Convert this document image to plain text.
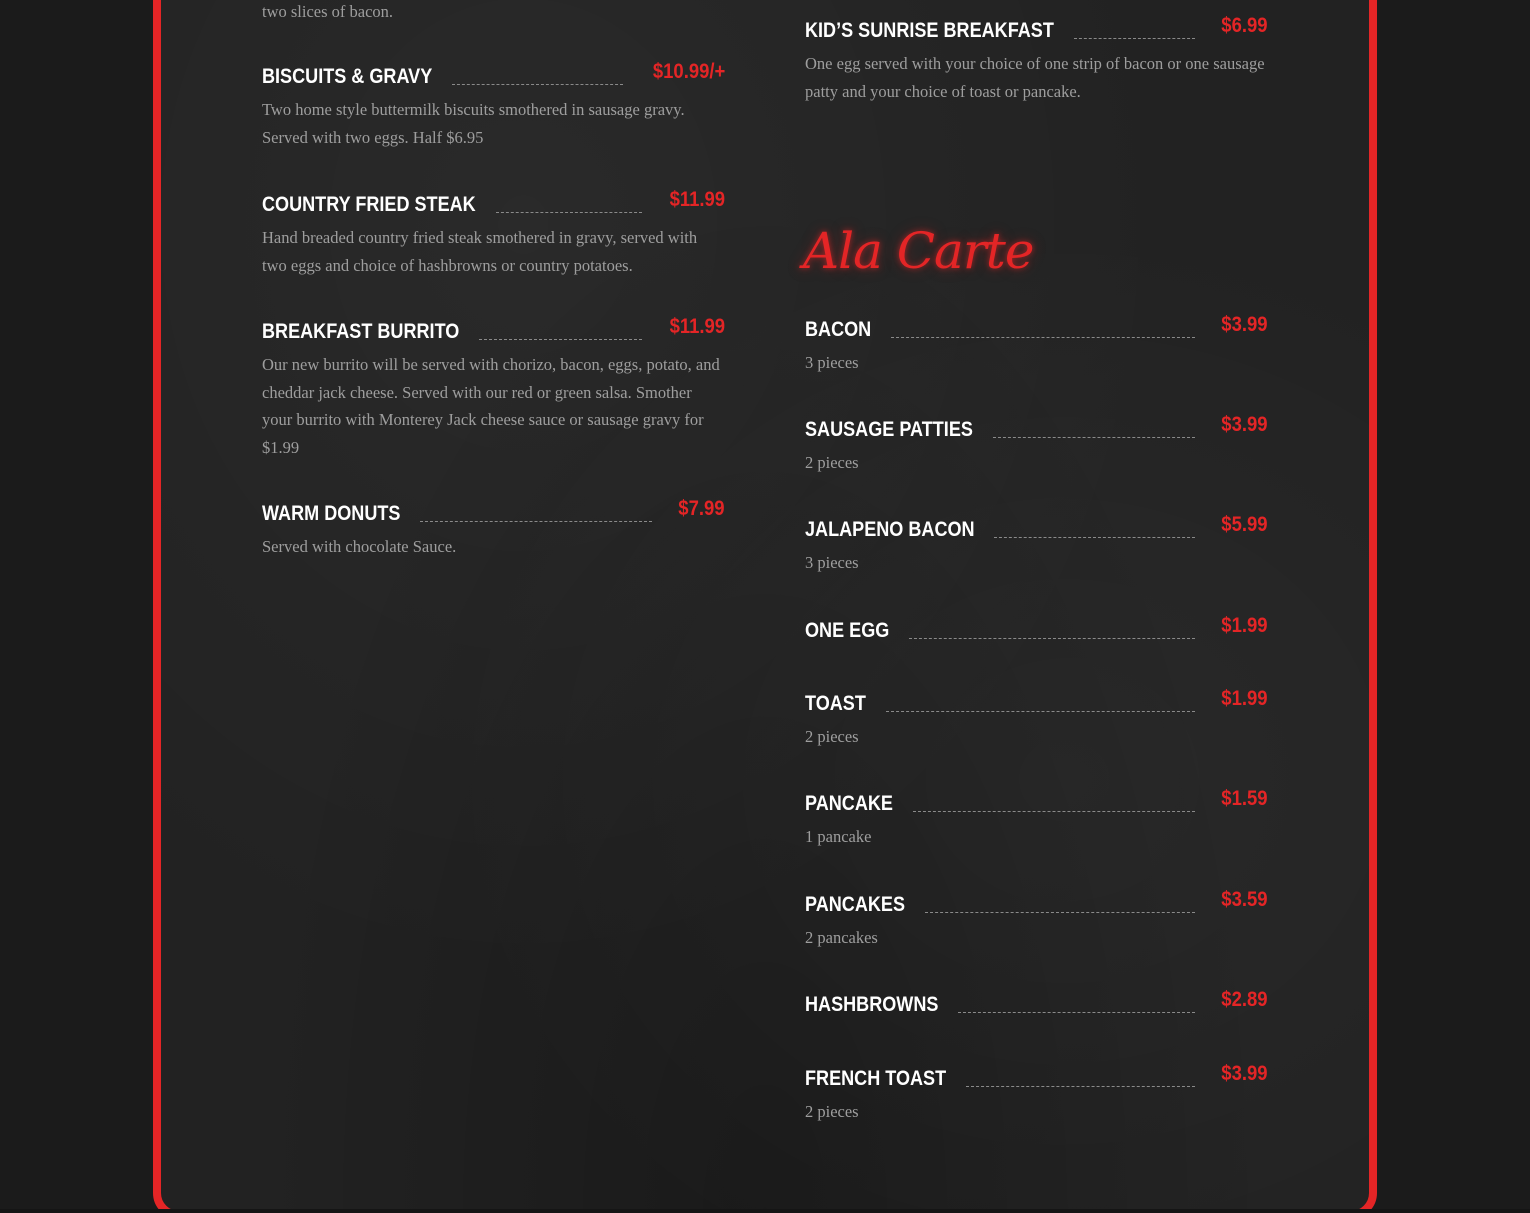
two slices of bacon.
BISCUITS & GRAVY	$10.99/+
Two home style buttermilk biscuits smothered in sausage gravy. Served with two eggs. Half $6.95
COUNTRY FRIED STEAK	$11.99
Hand breaded country fried steak smothered in gravy, served with two eggs and choice of hashbrowns or country potatoes.
BREAKFAST BURRITO	$11.99
Our new burrito will be served with chorizo, bacon, eggs, potato, and cheddar jack cheese. Served with our red or green salsa. Smother your burrito with Monterey Jack cheese sauce or sausage gravy for $1.99
WARM DONUTS	$7.99
Served with chocolate Sauce.
KID’S SUNRISE BREAKFAST	$6.99
One egg served with your choice of one strip of bacon or one sausage patty and your choice of toast or pancake.
BACON	$3.99
3 pieces
SAUSAGE PATTIES	$3.99
2 pieces
JALAPENO BACON	$5.99
3 pieces
ONE EGG	$1.99
TOAST	$1.99
2 pieces
PANCAKE	$1.59
1 pancake
PANCAKES	$3.59
2 pancakes
HASHBROWNS	$2.89
FRENCH TOAST	$3.99
2 pieces
Ala Carte
